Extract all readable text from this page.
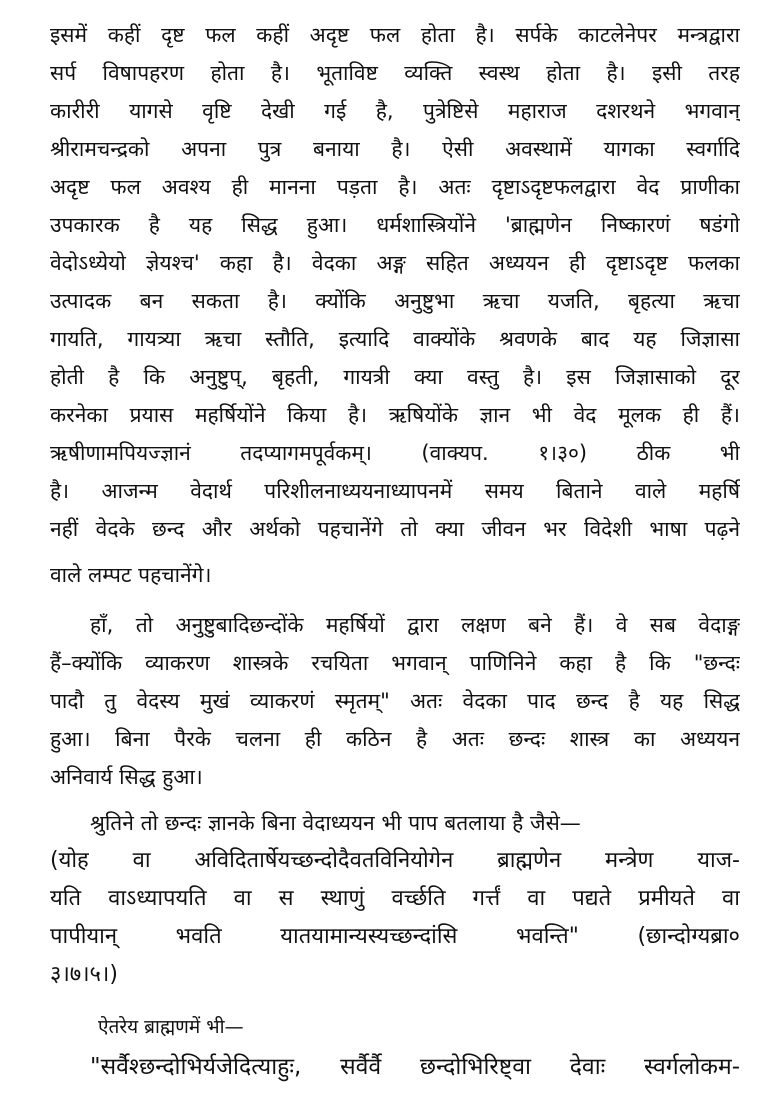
इसमें कहीं दृष्ट फल कहीं अदृष्ट फल होता है। सर्पके काटलेनेपर मन्त्रद्वारा
सर्प विषापहरण होता है। भूताविष्ट व्यक्ति स्वस्थ होता है। इसी तरह
कारीरी यागसे वृष्टि देखी गई है, पुत्रेष्टिसे महाराज दशरथने भगवान्
श्रीरामचन्द्रको अपना पुत्र बनाया है। ऐसी अवस्थामें यागका स्वर्गादि
अदृष्ट फल अवश्य ही मानना पड़ता है। अतः दृष्टाऽदृष्टफलद्वारा वेद प्राणीका
उपकारक है यह सिद्ध हुआ। धर्मशास्त्रियोंने 'ब्राह्मणेन निष्कारणं षडंगो
वेदोऽध्येयो ज्ञेयश्च' कहा है। वेदका अङ्ग सहित अध्ययन ही दृष्टाऽदृष्ट फलका
उत्पादक बन सकता है। क्योंकि अनुष्टुभा ऋचा यजति, बृहत्या ऋचा
गायति, गायत्र्या ऋचा स्तौति, इत्यादि वाक्योंके श्रवणके बाद यह जिज्ञासा
होती है कि अनुष्टुप्, बृहती, गायत्री क्या वस्तु है। इस जिज्ञासाको दूर
करनेका प्रयास महर्षियोंने किया है। ऋषियोंके ज्ञान भी वेद मूलक ही हैं।
ऋषीणामपियज्ज्ञानं तदप्यागमपूर्वकम्। (वाक्यप. १।३०) ठीक भी
है। आजन्म वेदार्थ परिशीलनाध्ययनाध्यापनमें समय बिताने वाले महर्षि
नहीं वेदके छन्द और अर्थको पहचानेंगे तो क्या जीवन भर विदेशी भाषा पढ़ने
वाले लम्पट पहचानेंगे।
हाँ, तो अनुष्टुबादिछन्दोंके महर्षियों द्वारा लक्षण बने हैं। वे सब वेदाङ्ग
हैं–क्योंकि व्याकरण शास्त्रके रचयिता भगवान् पाणिनिने कहा है कि "छन्दः
पादौ तु वेदस्य मुखं व्याकरणं स्मृतम्" अतः वेदका पाद छन्द है यह सिद्ध
हुआ। बिना पैरके चलना ही कठिन है अतः छन्दः शास्त्र का अध्ययन
अनिवार्य सिद्ध हुआ।
श्रुतिने तो छन्दः ज्ञानके बिना वेदाध्ययन भी पाप बतलाया है जैसे—
(योह वा अविदितार्षेयच्छन्दोदैवतविनियोगेन ब्राह्मणेन मन्त्रेण याज-
यति वाऽध्यापयति वा स स्थाणुं वर्च्छति गर्त्तं वा पद्यते प्रमीयते वा
पापीयान् भवति यातयामान्यस्यच्छन्दांसि भवन्ति" (छान्दोग्यब्रा०
३।७।५।)
ऐतरेय ब्राह्मणमें भी—
"सर्वैश्छन्दोभिर्यजेदित्याहुः, सर्वैर्वै छन्दोभिरिष्ट्वा देवाः स्वर्गलोकम-
